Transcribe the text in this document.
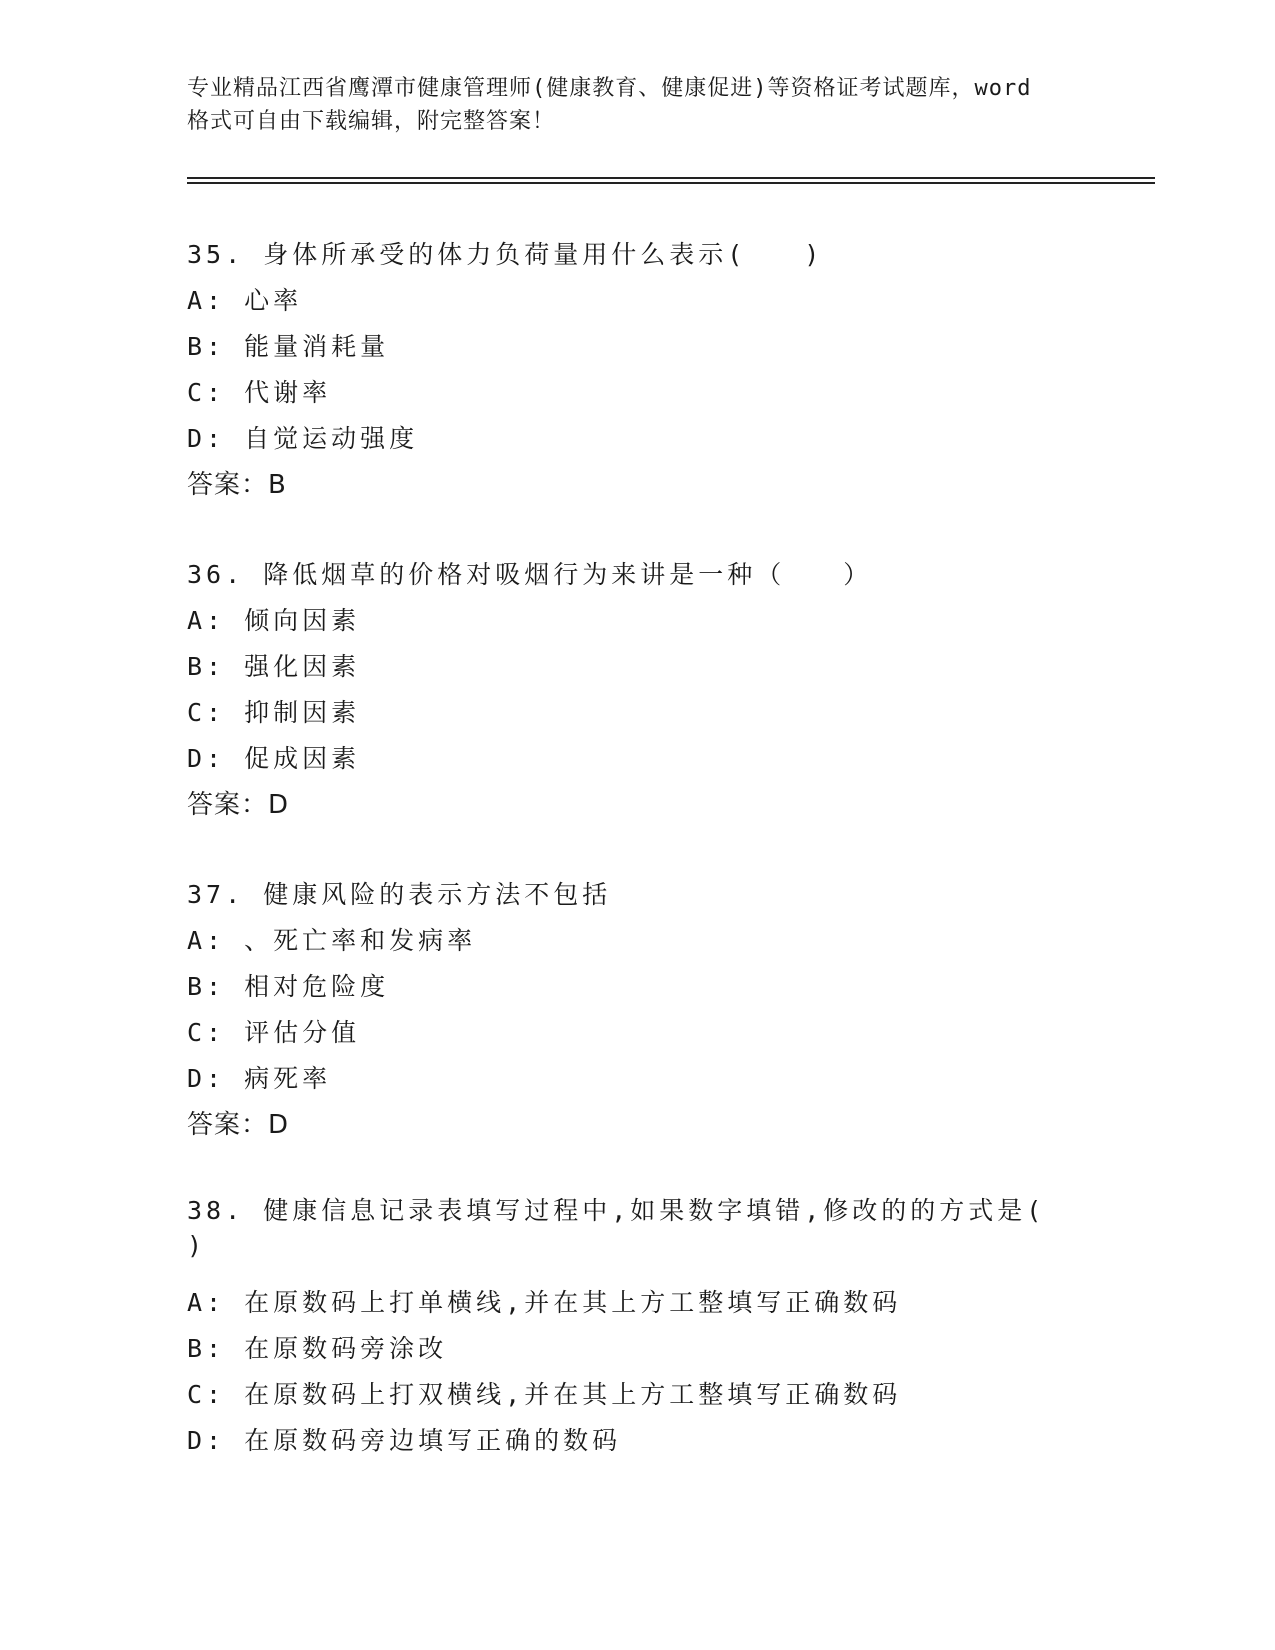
专业精品江西省鹰潭市健康管理师(健康教育、健康促进)等资格证考试题库，word
格式可自由下载编辑，附完整答案！
35. 身体所承受的体力负荷量用什么表示(　　)
A: 心率
B: 能量消耗量
C: 代谢率
D: 自觉运动强度
答案：B
36. 降低烟草的价格对吸烟行为来讲是一种（　　）
A: 倾向因素
B: 强化因素
C: 抑制因素
D: 促成因素
答案：D
37. 健康风险的表示方法不包括
A: 、死亡率和发病率
B: 相对危险度
C: 评估分值
D: 病死率
答案：D
38. 健康信息记录表填写过程中,如果数字填错,修改的的方式是(
)
A: 在原数码上打单横线,并在其上方工整填写正确数码
B: 在原数码旁涂改
C: 在原数码上打双横线,并在其上方工整填写正确数码
D: 在原数码旁边填写正确的数码
